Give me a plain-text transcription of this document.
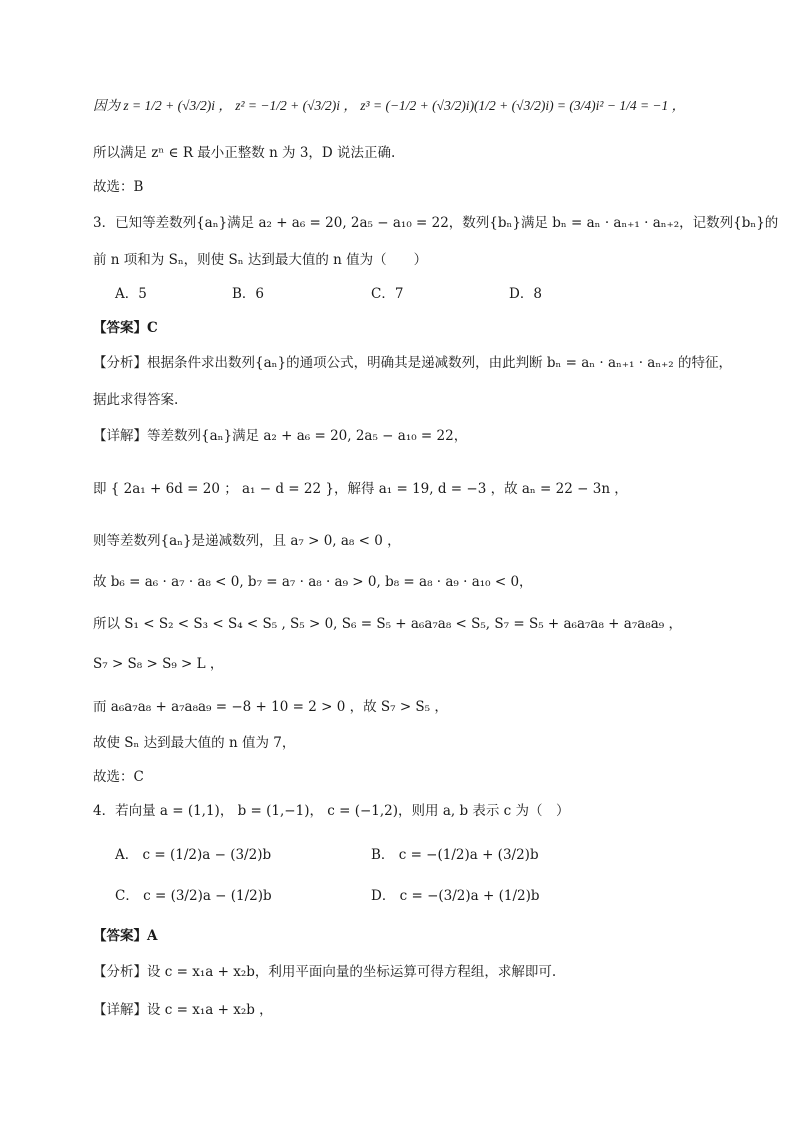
因为 z = 1/2 + (√3/2)i ， z² = −1/2 + (√3/2)i ， z³ = (−1/2 + (√3/2)i)(1/2 + (√3/2)i) = (3/4)i² − 1/4 = −1 ，
所以满足 zⁿ ∈ R 最小正整数 n 为 3，D 说法正确.
故选：B
3．已知等差数列{aₙ}满足 a₂ + a₆ = 20, 2a₅ − a₁₀ = 22，数列{bₙ}满足 bₙ = aₙ · aₙ₊₁ · aₙ₊₂，记数列{bₙ}的
前 n 项和为 Sₙ，则使 Sₙ 达到最大值的 n 值为（　　）
A．5	B．6	C．7	D．8
【答案】C
【分析】根据条件求出数列{aₙ}的通项公式，明确其是递减数列，由此判断 bₙ = aₙ · aₙ₊₁ · aₙ₊₂ 的特征，
据此求得答案.
【详解】等差数列{aₙ}满足 a₂ + a₆ = 20, 2a₅ − a₁₀ = 22，
即 { 2a₁ + 6d = 20 ； a₁ − d = 22 }，解得 a₁ = 19, d = −3 ，故 aₙ = 22 − 3n ，
则等差数列{aₙ}是递减数列，且 a₇ > 0, a₈ < 0 ，
故 b₆ = a₆ · a₇ · a₈ < 0, b₇ = a₇ · a₈ · a₉ > 0, b₈ = a₈ · a₉ · a₁₀ < 0，
所以 S₁ < S₂ < S₃ < S₄ < S₅ , S₅ > 0, S₆ = S₅ + a₆a₇a₈ < S₅, S₇ = S₅ + a₆a₇a₈ + a₇a₈a₉ ，
S₇ > S₈ > S₉ > L ，
而 a₆a₇a₈ + a₇a₈a₉ = −8 + 10 = 2 > 0 ，故 S₇ > S₅ ，
故使 Sₙ 达到最大值的 n 值为 7，
故选：C
4．若向量 a = (1,1)， b = (1,−1)， c = (−1,2)，则用 a, b 表示 c 为（　）
A． c = (1/2)a − (3/2)b	B． c = −(1/2)a + (3/2)b
C． c = (3/2)a − (1/2)b	D． c = −(3/2)a + (1/2)b
【答案】A
【分析】设 c = x₁a + x₂b，利用平面向量的坐标运算可得方程组，求解即可.
【详解】设 c = x₁a + x₂b ，
